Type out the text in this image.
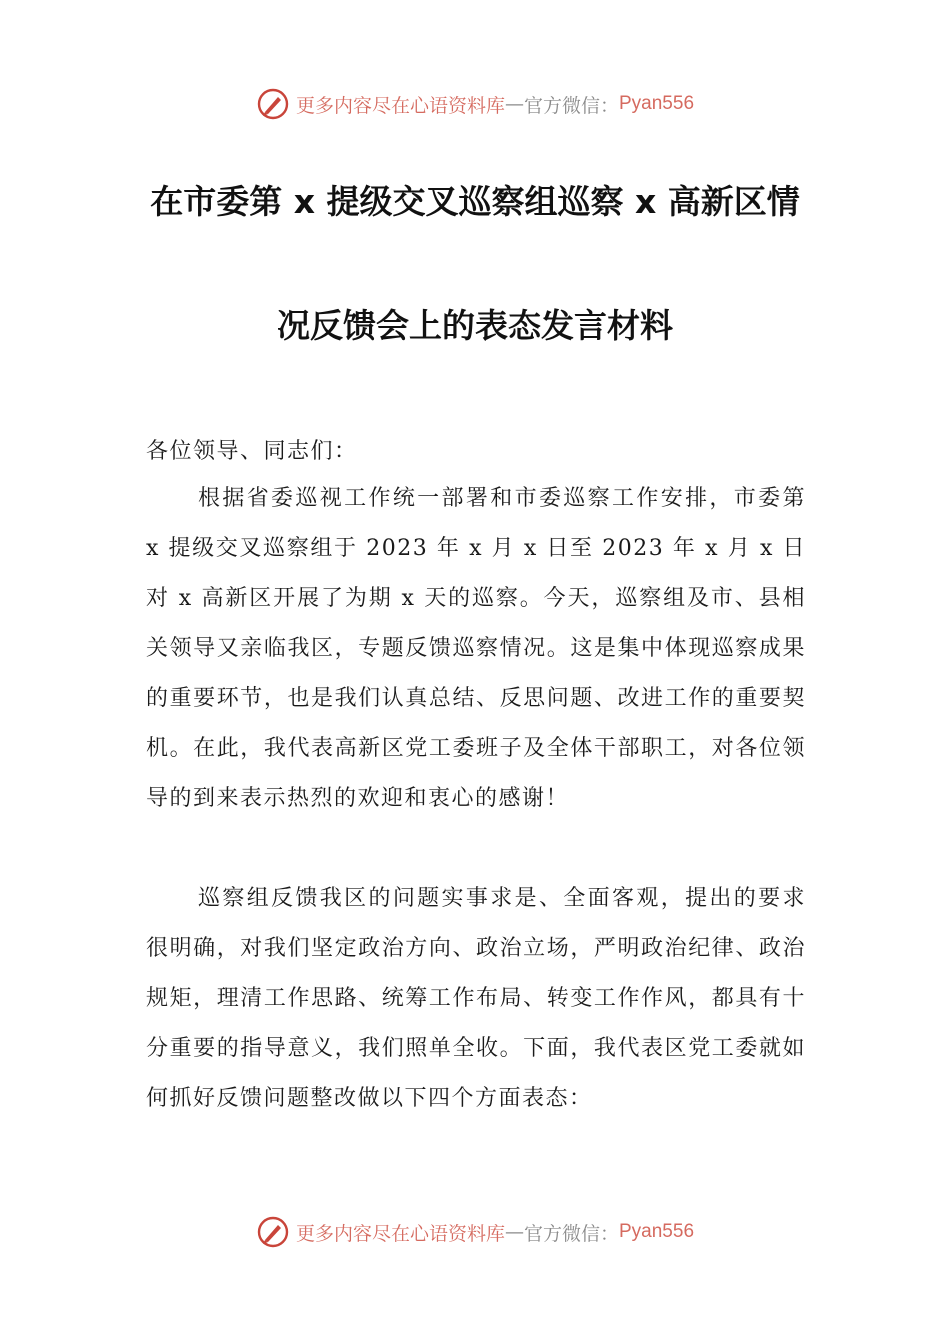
更多内容尽在心语资料库 — 官方微信： Pyan556
在市委第 x 提级交叉巡察组巡察 x 高新区情
况反馈会上的表态发言材料
各位领导、同志们：

根据省委巡视工作统一部署和市委巡察工作安排，市委第 x 提级交叉巡察组于 2023 年 x 月 x 日至 2023 年 x 月 x 日对 x 高新区开展了为期 x 天的巡察。今天，巡察组及市、县相关领导又亲临我区，专题反馈巡察情况。这是集中体现巡察成果的重要环节，也是我们认真总结、反思问题、改进工作的重要契机。在此，我代表高新区党工委班子及全体干部职工，对各位领导的到来表示热烈的欢迎和衷心的感谢！

巡察组反馈我区的问题实事求是、全面客观，提出的要求很明确，对我们坚定政治方向、政治立场，严明政治纪律、政治规矩，理清工作思路、统筹工作布局、转变工作作风，都具有十分重要的指导意义，我们照单全收。下面，我代表区党工委就如何抓好反馈问题整改做以下四个方面表态：

更多内容尽在心语资料库 — 官方微信： Pyan556
